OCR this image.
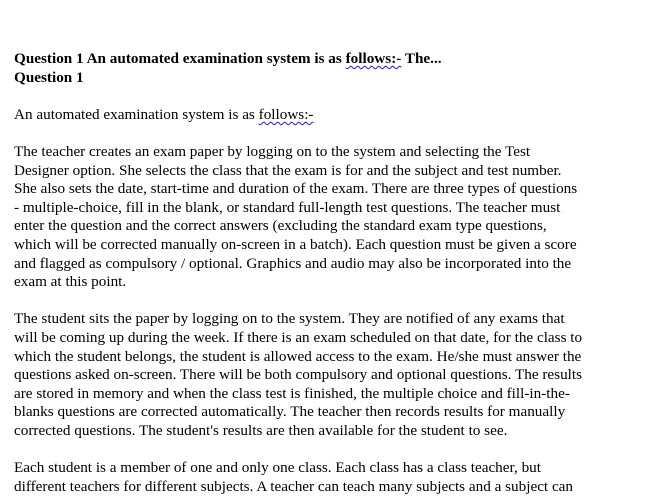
Question 1 An automated examination system is as follows:- The...

Question 1

An automated examination system is as follows:-

The teacher creates an exam paper by logging on to the system and selecting the Test

Designer option. She selects the class that the exam is for and the subject and test number.

She also sets the date, start-time and duration of the exam. There are three types of questions

- multiple-choice, fill in the blank, or standard full-length test questions. The teacher must

enter the question and the correct answers (excluding the standard exam type questions,

which will be corrected manually on-screen in a batch). Each question must be given a score

and flagged as compulsory / optional. Graphics and audio may also be incorporated into the

exam at this point.

The student sits the paper by logging on to the system. They are notified of any exams that

will be coming up during the week. If there is an exam scheduled on that date, for the class to

which the student belongs, the student is allowed access to the exam. He/she must answer the

questions asked on-screen. There will be both compulsory and optional questions. The results

are stored in memory and when the class test is finished, the multiple choice and fill-in-the-

blanks questions are corrected automatically. The teacher then records results for manually

corrected questions. The student's results are then available for the student to see.

Each student is a member of one and only one class. Each class has a class teacher, but

different teachers for different subjects. A teacher can teach many subjects and a subject can
